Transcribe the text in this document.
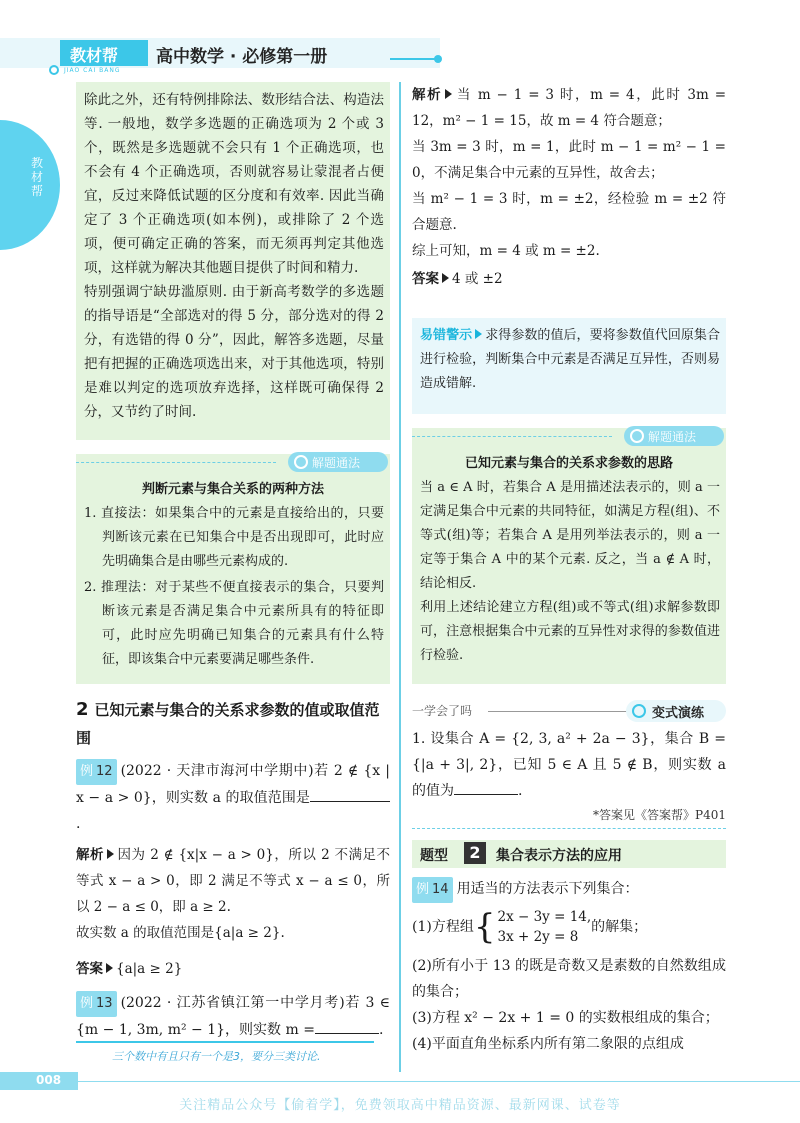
教材帮
JIAO CAI BANG
高中数学 · 必修第一册
教材帮

除此之外，还有特例排除法、数形结合法、构造法等. 一般地，数学多选题的正确选项为 2 个或 3 个，既然是多选题就不会只有 1 个正确选项，也不会有 4 个正确选项，否则就容易让蒙混者占便宜，反过来降低试题的区分度和有效率. 因此当确定了 3 个正确选项(如本例)，或排除了 2 个选项，便可确定正确的答案，而无须再判定其他选项，这样就为解决其他题目提供了时间和精力.

特别强调宁缺毋滥原则. 由于新高考数学的多选题的指导语是“全部选对的得 5 分，部分选对的得 2 分，有选错的得 0 分”，因此，解答多选题，尽量把有把握的正确选项选出来，对于其他选项，特别是难以判定的选项放弃选择，这样既可确保得 2 分，又节约了时间.

解题通法
判断元素与集合关系的两种方法

1. 直接法：如果集合中的元素是直接给出的，只要判断该元素在已知集合中是否出现即可，此时应先明确集合是由哪些元素构成的.

2. 推理法：对于某些不便直接表示的集合，只要判断该元素是否满足集合中元素所具有的特征即可，此时应先明确已知集合的元素具有什么特征，即该集合中元素要满足哪些条件.

2 已知元素与集合的关系求参数的值或取值范围
例 12 (2022 · 天津市海河中学期中)若 2 ∉ {x | x − a > 0}，则实数 a 的取值范围是.

解析 因为 2 ∉ {x|x − a > 0}，所以 2 不满足不等式 x − a > 0，即 2 满足不等式 x − a ≤ 0，所以 2 − a ≤ 0，即 a ≥ 2.

故实数 a 的取值范围是{a|a ≥ 2}.

答案 {a|a ≥ 2}
例 13 (2022 · 江苏省镇江第一中学月考)若 3 ∈ {m − 1, 3m, m² − 1}，则实数 m =	.
三个数中有且只有一个是3，要分三类讨论.

解析 当 m − 1 = 3 时，m = 4，此时 3m = 12，m² − 1 = 15，故 m = 4 符合题意；

当 3m = 3 时，m = 1，此时 m − 1 = m² − 1 = 0，不满足集合中元素的互异性，故舍去；

当 m² − 1 = 3 时，m = ±2，经检验 m = ±2 符合题意.

综上可知，m = 4 或 m = ±2.

答案 4 或 ±2

易错警示 求得参数的值后，要将参数值代回原集合进行检验，判断集合中元素是否满足互异性，否则易造成错解.
解题通法
已知元素与集合的关系求参数的思路

当 a ∈ A 时，若集合 A 是用描述法表示的，则 a 一定满足集合中元素的共同特征，如满足方程(组)、不等式(组)等；若集合 A 是用列举法表示的，则 a 一定等于集合 A 中的某个元素. 反之，当 a ∉ A 时，结论相反.

利用上述结论建立方程(组)或不等式(组)求解参数即可，注意根据集合中元素的互异性对求得的参数值进行检验.

一学会了吗	变式演练
1. 设集合 A = {2, 3, a² + 2a − 3}，集合 B = {|a + 3|, 2}，已知 5 ∈ A 且 5 ∉ B，则实数 a 的值为	.
*答案见《答案帮》P401
题型	2	集合表示方法的应用

例 14 用适当的方法表示下列集合：

(1)方程组{ 2x − 3y = 14,
3x + 2y = 8
的解集；

(2)所有小于 13 的既是奇数又是素数的自然数组成的集合；

(3)方程 x² − 2x + 1 = 0 的实数根组成的集合；

(4)平面直角坐标系内所有第二象限的点组成

008
关注精品公众号【偷着学】，免费领取高中精品资源、最新网课、试卷等
